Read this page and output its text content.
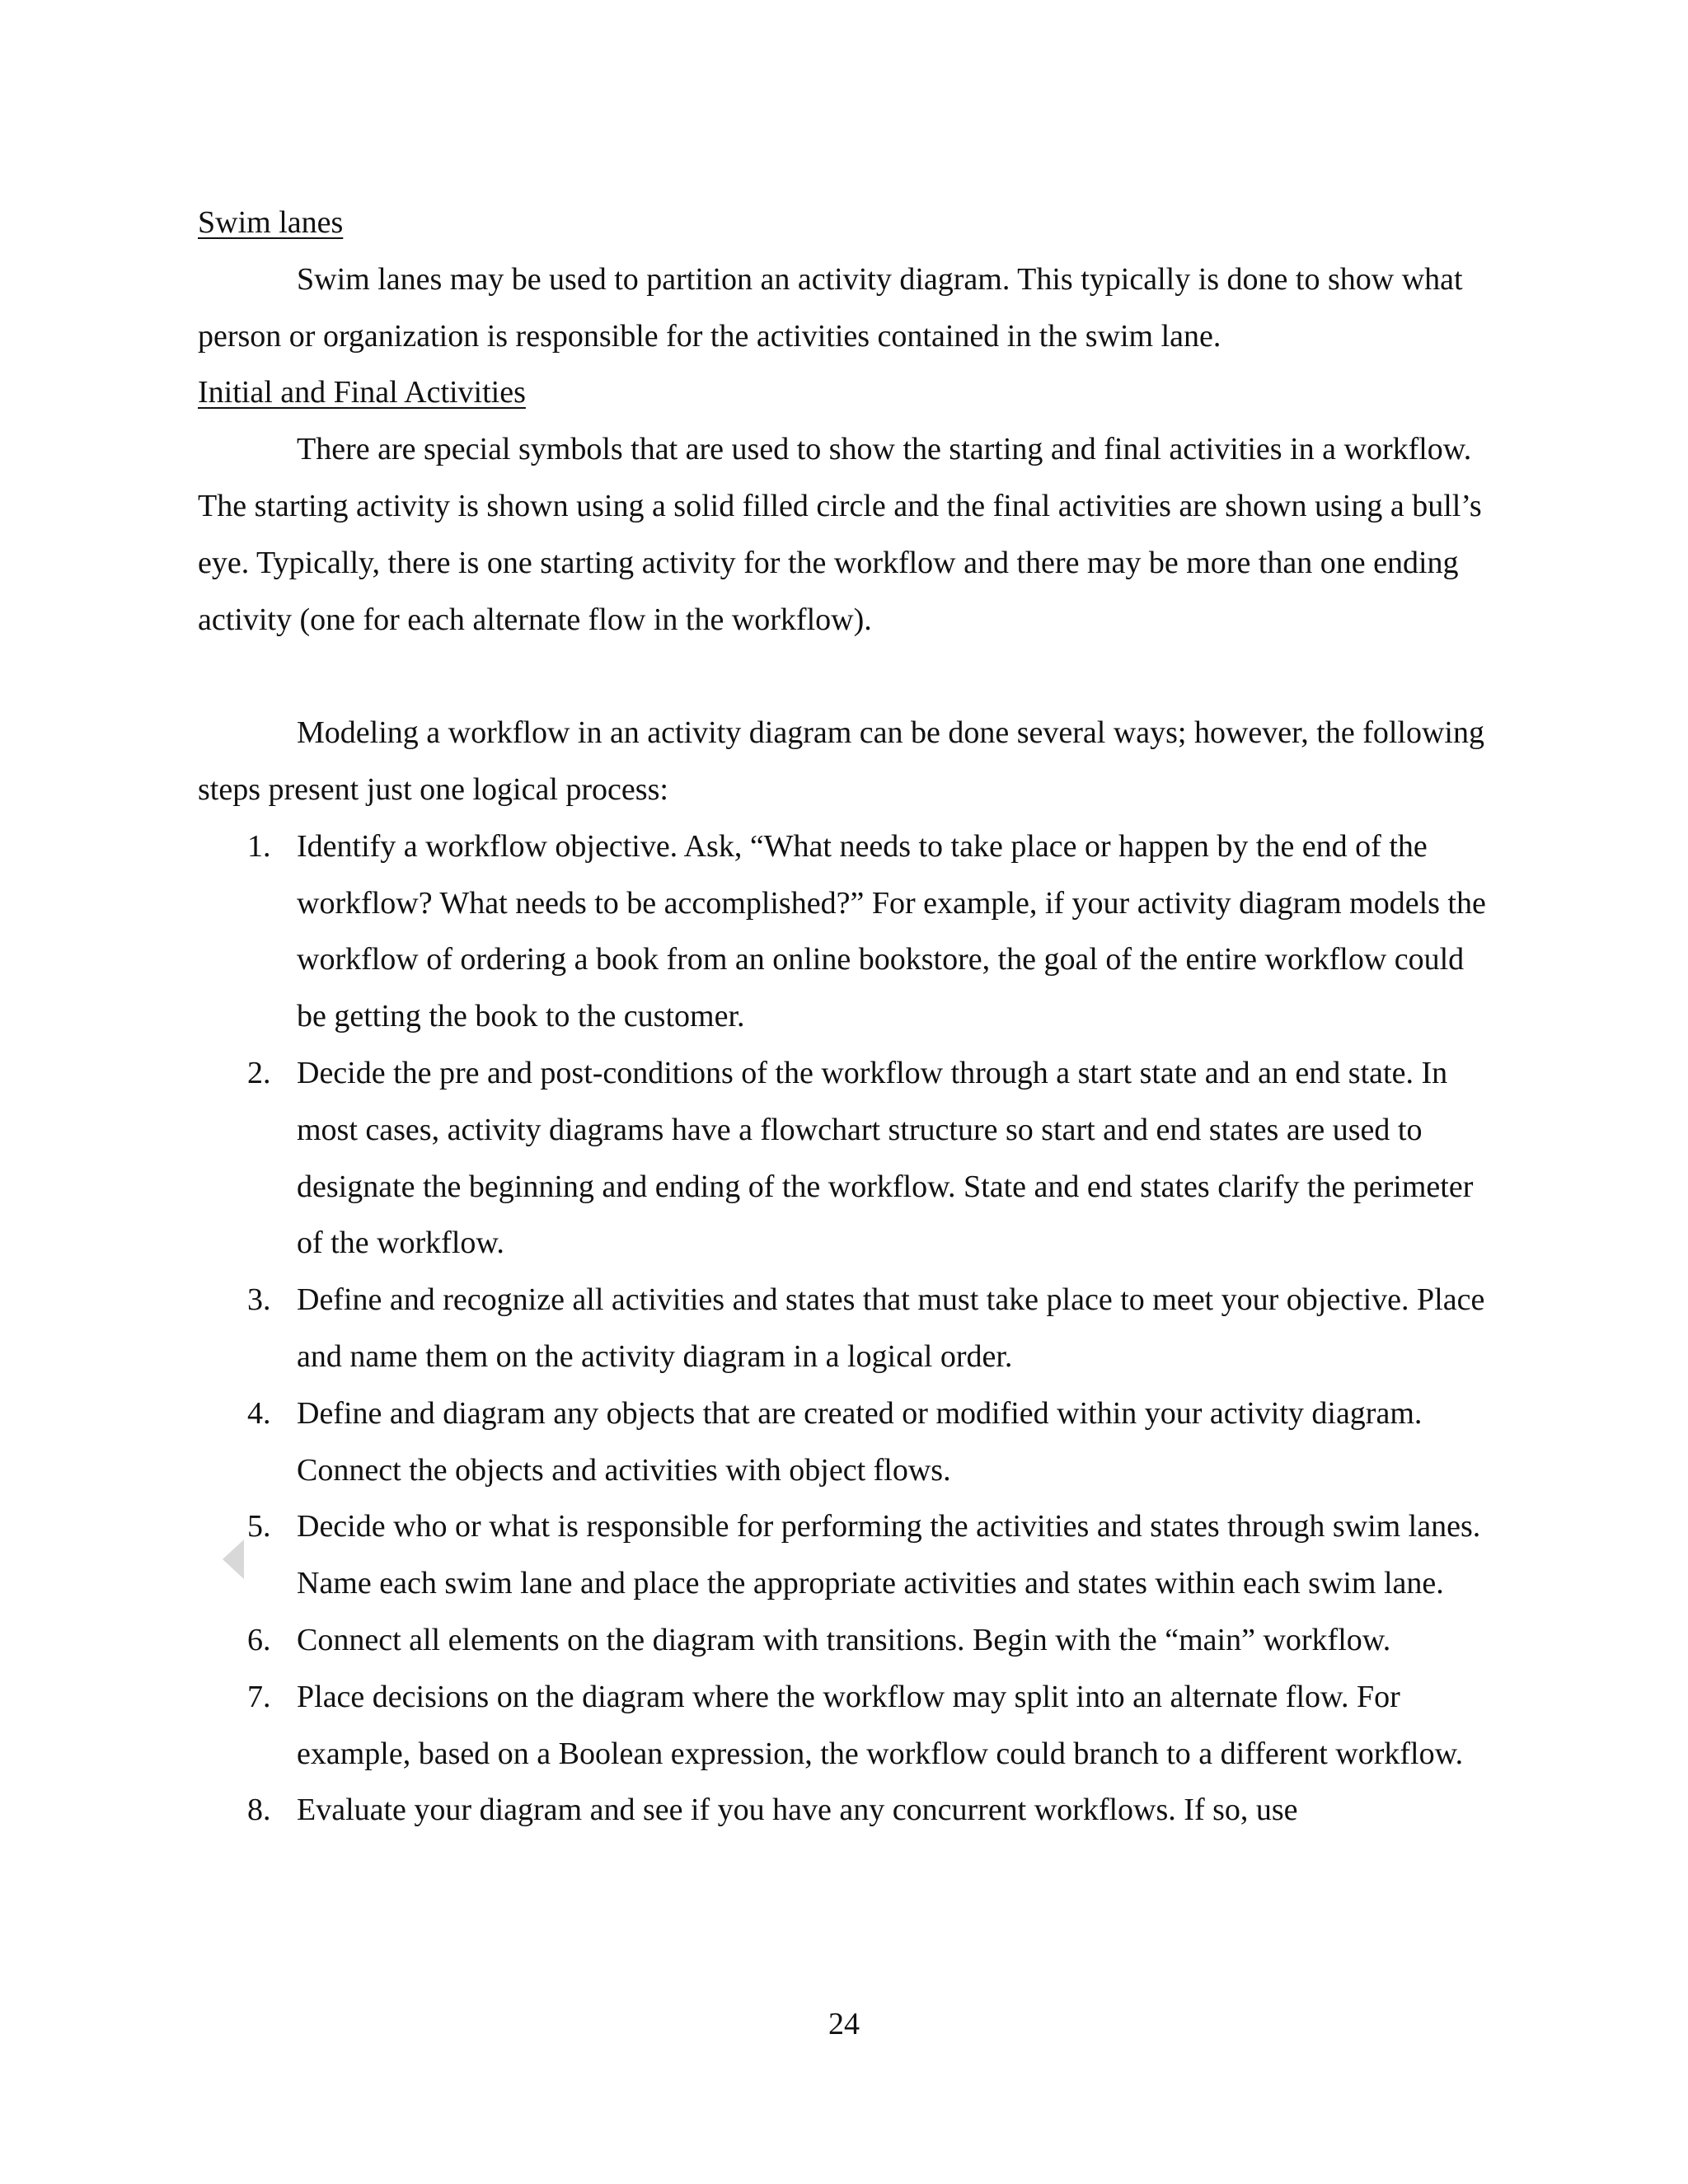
Swim lanes

Swim lanes may be used to partition an activity diagram. This typically is done to show what person or organization is responsible for the activities contained in the swim lane.

Initial and Final Activities

There are special symbols that are used to show the starting and final activities in a workflow. The starting activity is shown using a solid filled circle and the final activities are shown using a bull’s eye. Typically, there is one starting activity for the workflow and there may be more than one ending activity (one for each alternate flow in the workflow).

Modeling a workflow in an activity diagram can be done several ways; however, the following steps present just one logical process:

1. Identify a workflow objective. Ask, “What needs to take place or happen by the end of the workflow? What needs to be accomplished?” For example, if your activity diagram models the workflow of ordering a book from an online bookstore, the goal of the entire workflow could be getting the book to the customer.
2. Decide the pre and post-conditions of the workflow through a start state and an end state. In most cases, activity diagrams have a flowchart structure so start and end states are used to designate the beginning and ending of the workflow. State and end states clarify the perimeter of the workflow.
3. Define and recognize all activities and states that must take place to meet your objective. Place and name them on the activity diagram in a logical order.
4. Define and diagram any objects that are created or modified within your activity diagram. Connect the objects and activities with object flows.
5. Decide who or what is responsible for performing the activities and states through swim lanes. Name each swim lane and place the appropriate activities and states within each swim lane.
6. Connect all elements on the diagram with transitions. Begin with the “main” workflow.
7. Place decisions on the diagram where the workflow may split into an alternate flow. For example, based on a Boolean expression, the workflow could branch to a different workflow.
8. Evaluate your diagram and see if you have any concurrent workflows. If so, use
24
